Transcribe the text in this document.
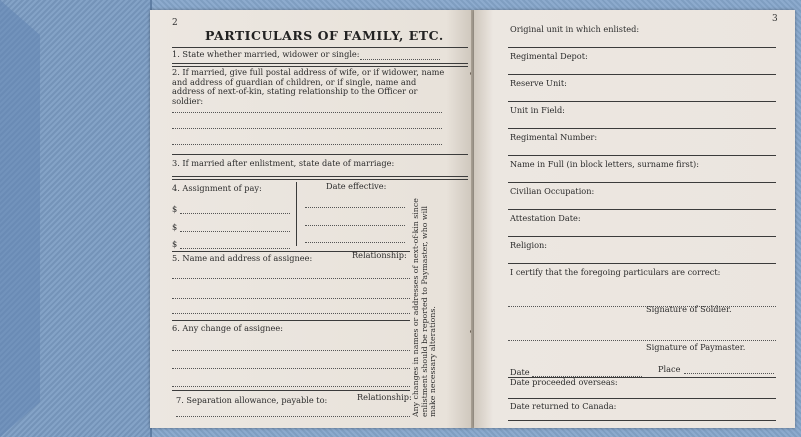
2
PARTICULARS OF FAMILY, ETC.
1. State whether married, widower or single:
2. If married, give full postal address of wife, or if widower, name and address of guardian of children, or if single, name and address of next-of-kin, stating relationship to the Officer or soldier:
3. If married after enlistment, state date of marriage:
4. Assignment of pay:	Date effective:
$
$
$
5. Name and address of assignee:	Relationship:
6. Any change of assignee:
7. Separation allowance, payable to:	Relationship: Any changes in names or addresses of next-of-kin since enlistment should be reported to Paymaster, who will make necessary alterations.
3
Original unit in which enlisted:
Regimental Depot:
Reserve Unit:
Unit in Field:
Regimental Number:
Name in Full (in block letters, surname first):
Civilian Occupation:
Attestation Date:
Religion:
I certify that the foregoing particulars are correct:
Signature of Soldier.
Signature of Paymaster.
Date	Place
Date proceeded overseas:
Date returned to Canada:
